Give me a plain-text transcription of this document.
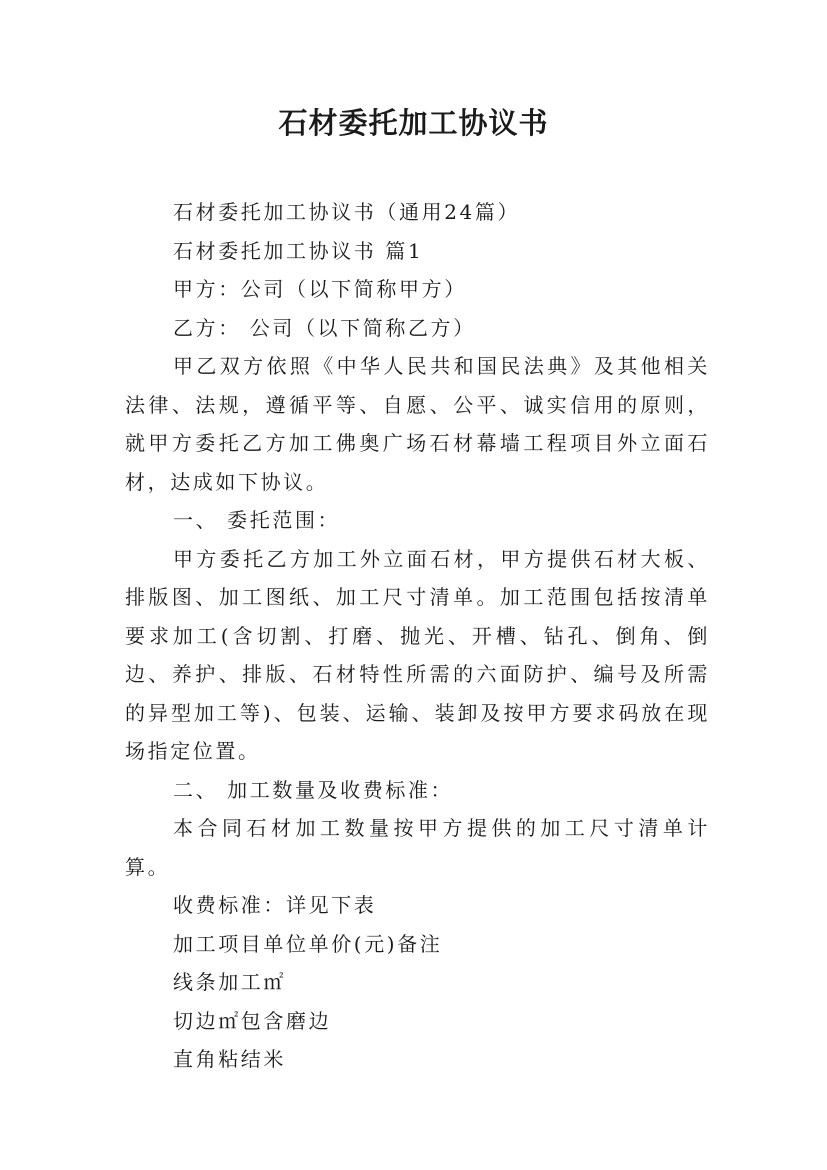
石材委托加工协议书

石材委托加工协议书（通用24篇）

石材委托加工协议书 篇1

甲方：公司（以下简称甲方）

乙方： 公司（以下简称乙方）

甲乙双方依照《中华人民共和国民法典》及其他相关法律、法规，遵循平等、自愿、公平、诚实信用的原则，就甲方委托乙方加工佛奥广场石材幕墙工程项目外立面石材，达成如下协议。

一、 委托范围：

甲方委托乙方加工外立面石材，甲方提供石材大板、排版图、加工图纸、加工尺寸清单。加工范围包括按清单要求加工(含切割、打磨、抛光、开槽、钻孔、倒角、倒边、养护、排版、石材特性所需的六面防护、编号及所需的异型加工等)、包装、运输、装卸及按甲方要求码放在现场指定位置。

二、 加工数量及收费标准：

本合同石材加工数量按甲方提供的加工尺寸清单计算。

收费标准：详见下表

加工项目单位单价(元)备注

线条加工㎡

切边㎡包含磨边

直角粘结米
